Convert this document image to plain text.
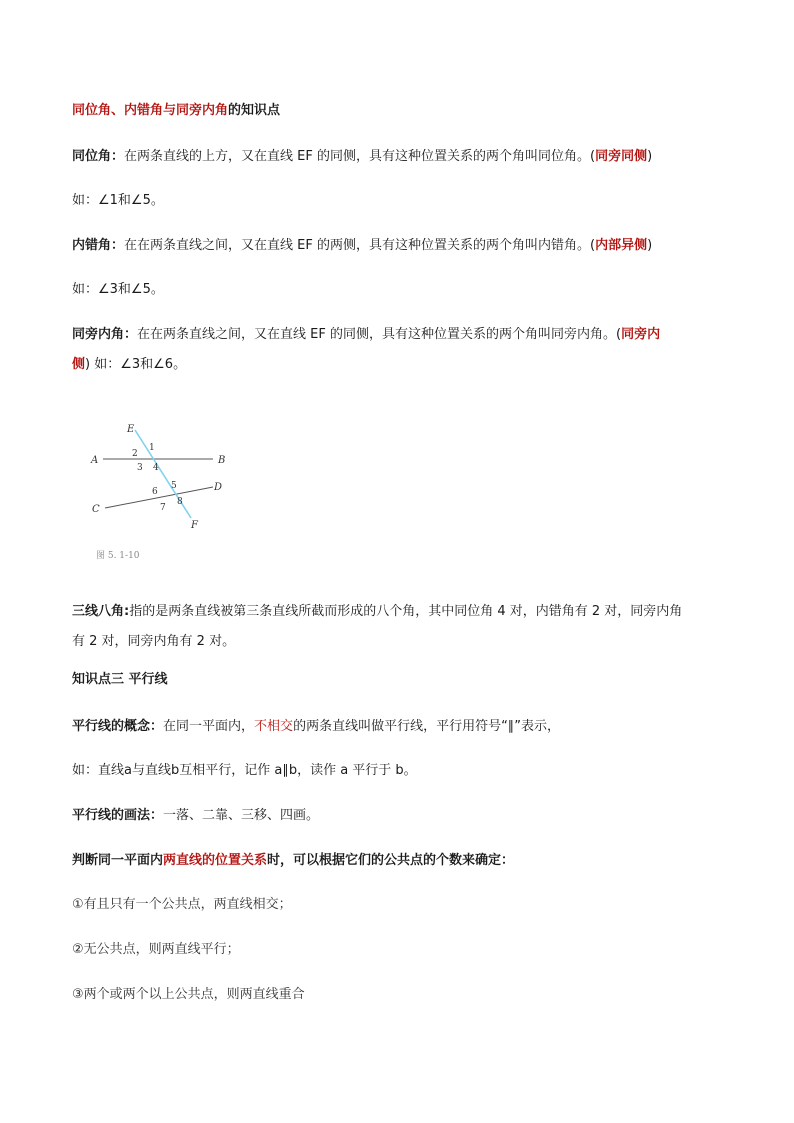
同位角、内错角与同旁内角的知识点
同位角：在两条直线的上方，又在直线 EF 的同侧，具有这种位置关系的两个角叫同位角。(同旁同侧)
如：∠1和∠5。
内错角：在在两条直线之间，又在直线 EF 的两侧，具有这种位置关系的两个角叫内错角。(内部异侧)
如：∠3和∠5。
同旁内角：在在两条直线之间，又在直线 EF 的同侧，具有这种位置关系的两个角叫同旁内角。(同旁内
侧) 如：∠3和∠6。
E
A	B
C
D
F
1
2
3 4
5
6
7
8
图 5. 1-10
三线八角:指的是两条直线被第三条直线所截而形成的八个角，其中同位角 4 对，内错角有 2 对，同旁内角
有 2 对，同旁内角有 2 对。
知识点三 平行线
平行线的概念：在同一平面内，不相交的两条直线叫做平行线，平行用符号“∥”表示，
如：直线a与直线b互相平行，记作 a∥b，读作 a 平行于 b。
平行线的画法：一落、二靠、三移、四画。
判断同一平面内两直线的位置关系时，可以根据它们的公共点的个数来确定：
①有且只有一个公共点，两直线相交；
②无公共点，则两直线平行；
③两个或两个以上公共点，则两直线重合
